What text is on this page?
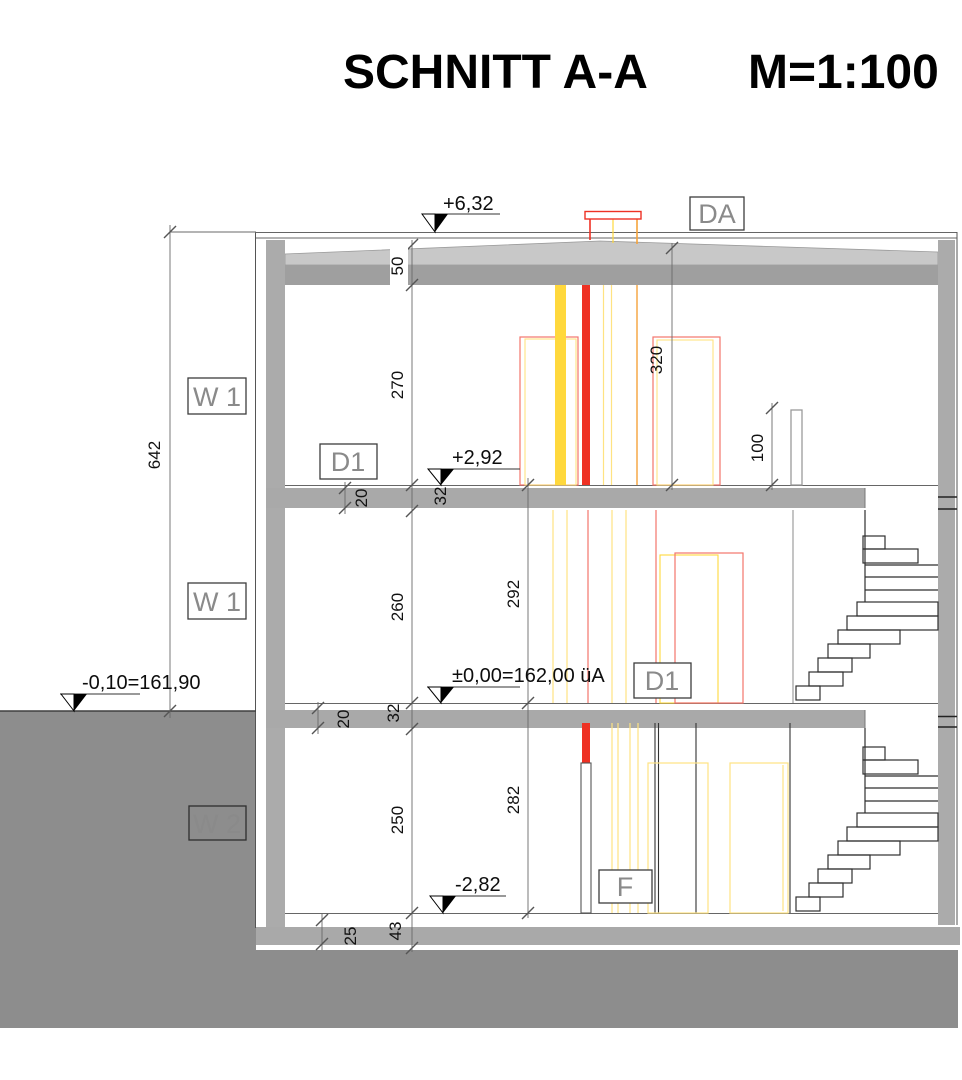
642
50
270
20	32
260
20 32
250
25 43
292
282
320
100
+6,32
+2,92
±0,00=162,00 üA
-2,82
-0,10=161,90
DA
W 1
D1
W 1
D1
W 2
F
SCHNITT A-A M=1:100
